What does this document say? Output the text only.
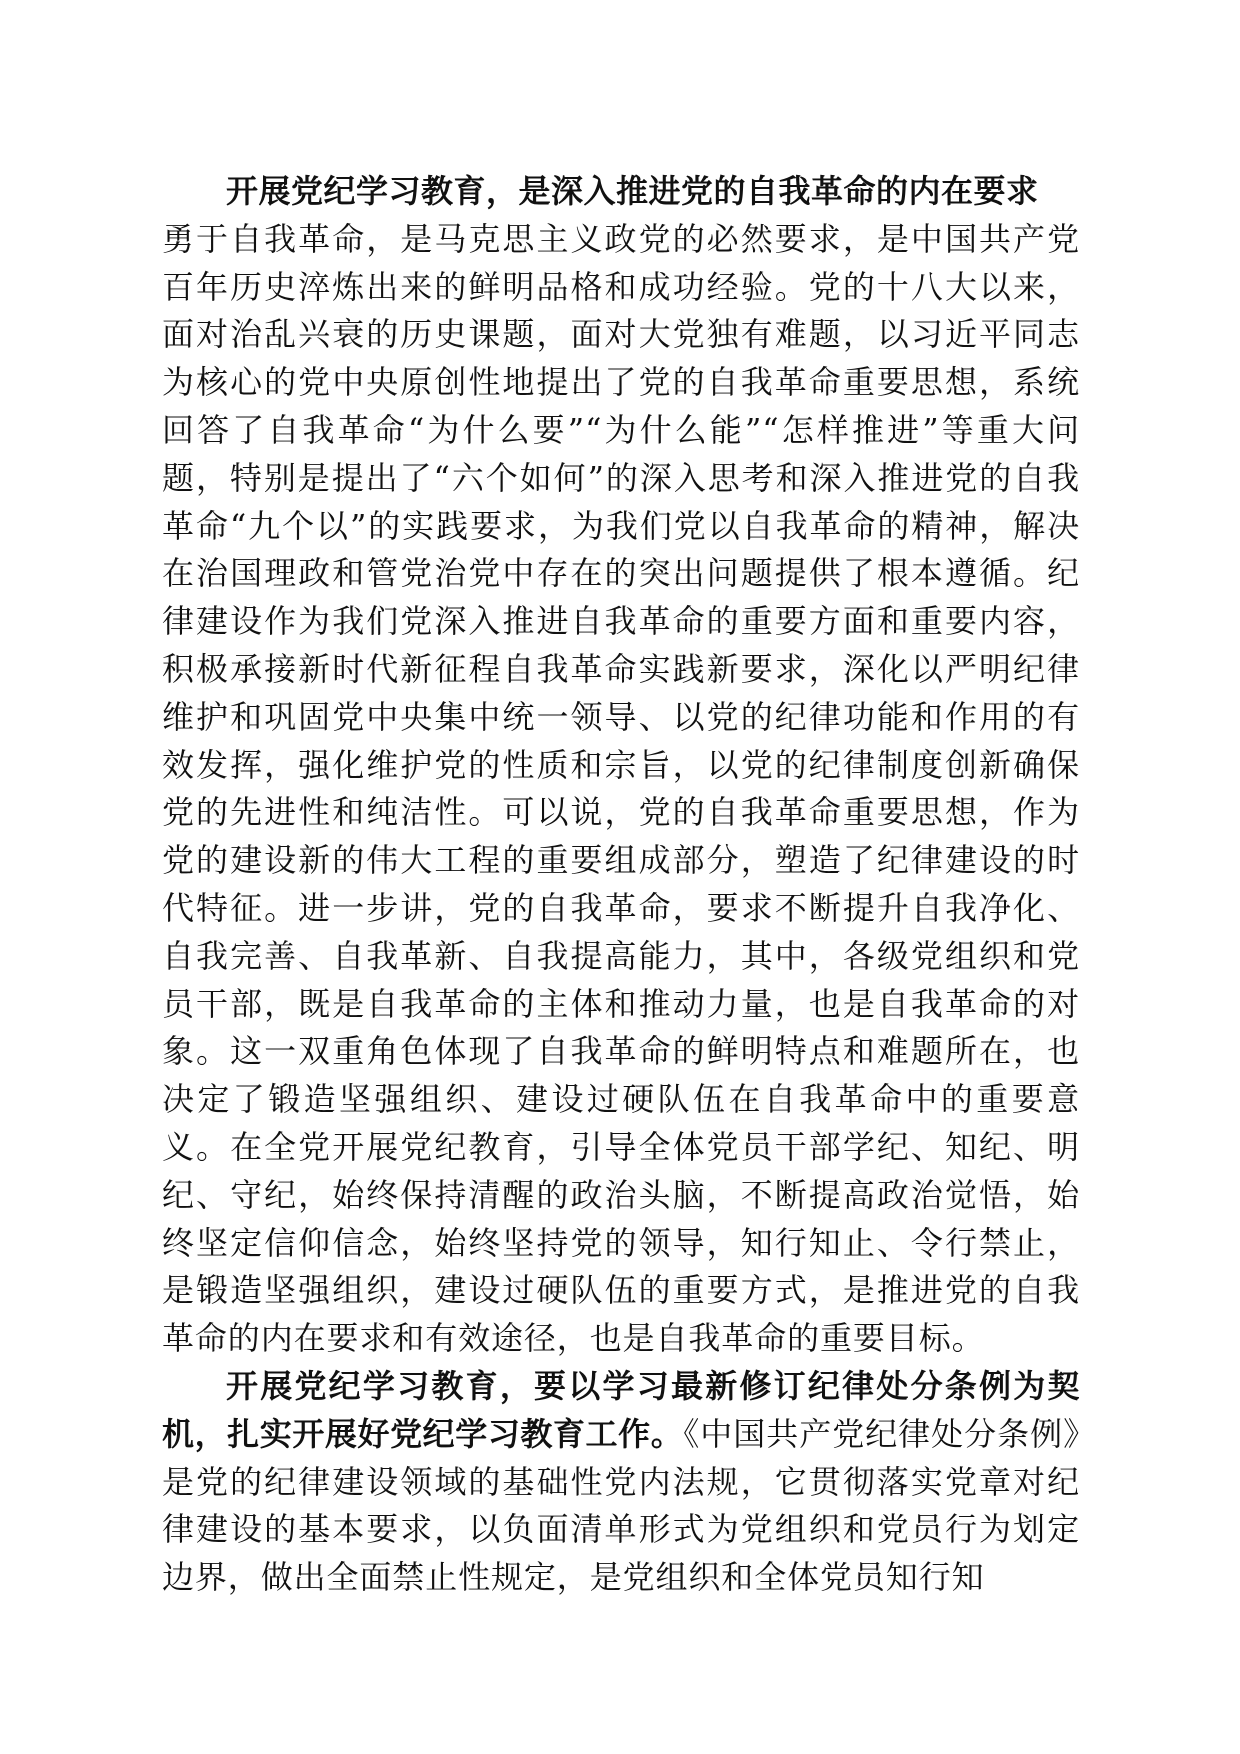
开展党纪学习教育，是深入推进党的自我革命的内在要求

勇于自我革命，是马克思主义政党的必然要求，是中国共产党百年历史淬炼出来的鲜明品格和成功经验。党的十八大以来，面对治乱兴衰的历史课题，面对大党独有难题，以习近平同志为核心的党中央原创性地提出了党的自我革命重要思想，系统回答了自我革命“为什么要”“为什么能”“怎样推进”等重大问题，特别是提出了“六个如何”的深入思考和深入推进党的自我革命“九个以”的实践要求，为我们党以自我革命的精神，解决在治国理政和管党治党中存在的突出问题提供了根本遵循。纪律建设作为我们党深入推进自我革命的重要方面和重要内容，积极承接新时代新征程自我革命实践新要求，深化以严明纪律维护和巩固党中央集中统一领导、以党的纪律功能和作用的有效发挥，强化维护党的性质和宗旨，以党的纪律制度创新确保党的先进性和纯洁性。可以说，党的自我革命重要思想，作为党的建设新的伟大工程的重要组成部分，塑造了纪律建设的时代特征。进一步讲，党的自我革命，要求不断提升自我净化、自我完善、自我革新、自我提高能力，其中，各级党组织和党员干部，既是自我革命的主体和推动力量，也是自我革命的对象。这一双重角色体现了自我革命的鲜明特点和难题所在，也决定了锻造坚强组织、建设过硬队伍在自我革命中的重要意义。在全党开展党纪教育，引导全体党员干部学纪、知纪、明纪、守纪，始终保持清醒的政治头脑，不断提高政治觉悟，始终坚定信仰信念，始终坚持党的领导，知行知止、令行禁止，是锻造坚强组织，建设过硬队伍的重要方式，是推进党的自我革命的内在要求和有效途径，也是自我革命的重要目标。

开展党纪学习教育，要以学习最新修订纪律处分条例为契机，扎实开展好党纪学习教育工作。《中国共产党纪律处分条例》是党的纪律建设领域的基础性党内法规，它贯彻落实党章对纪律建设的基本要求，以负面清单形式为党组织和党员行为划定边界，做出全面禁止性规定，是党组织和全体党员知行知
